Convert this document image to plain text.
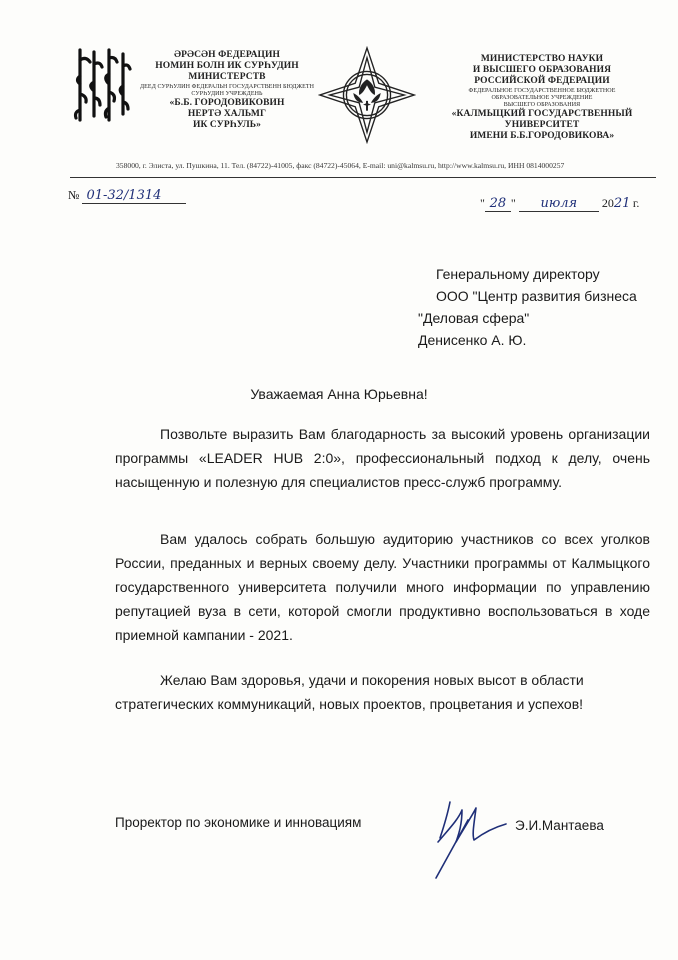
ӘРӘСӘН ФЕДЕРАЦИН
НОМИН БОЛН ИК СУРҺУДИН
МИНИСТЕРСТВ
ДЕЕД СУРҺУЛИН ФЕДЕРАЛЬН ГОСУДАРСТВЕНН БЮДЖЕТН СУРҺУДИН УЧРЕЖДЕНЬ
«Б.Б. ГОРОДОВИКОВИН
НЕРТӘ ХАЛЬМГ
ИК СУРҺУЛЬ»
МИНИСТЕРСТВО НАУКИ
И ВЫСШЕГО ОБРАЗОВАНИЯ
РОССИЙСКОЙ ФЕДЕРАЦИИ
ФЕДЕРАЛЬНОЕ ГОСУДАРСТВЕННОЕ БЮДЖЕТНОЕ
ОБРАЗОВАТЕЛЬНОЕ УЧРЕЖДЕНИЕ
ВЫСШЕГО ОБРАЗОВАНИЯ
«КАЛМЫЦКИЙ ГОСУДАРСТВЕННЫЙ
УНИВЕРСИТЕТ
ИМЕНИ Б.Б.ГОРОДОВИКОВА»
358000, г. Элиста, ул. Пушкина, 11. Тел. (84722)-41005, факс (84722)-45064, E-mail: uni@kalmsu.ru, http://www.kalmsu.ru, ИНН 0814000257
№ 01-32/1314	" 28 " июля 2021 г.
Генеральному директору
ООО "Центр развития бизнеса
"Деловая сфера"
Денисенко А. Ю.
Уважаемая Анна Юрьевна!
Позвольте выразить Вам благодарность за высокий уровень организации программы «LEADER HUB 2:0», профессиональный подход к делу, очень насыщенную и полезную для специалистов пресс-служб программу.
Вам удалось собрать большую аудиторию участников со всех уголков России, преданных и верных своему делу. Участники программы от Калмыцкого государственного университета получили много информации по управлению репутацией вуза в сети, которой смогли продуктивно воспользоваться в ходе приемной кампании - 2021.
Желаю Вам здоровья, удачи и покорения новых высот в области стратегических коммуникаций, новых проектов, процветания и успехов!
Проректор по экономике и инновациям	Э.И.Мантаева
